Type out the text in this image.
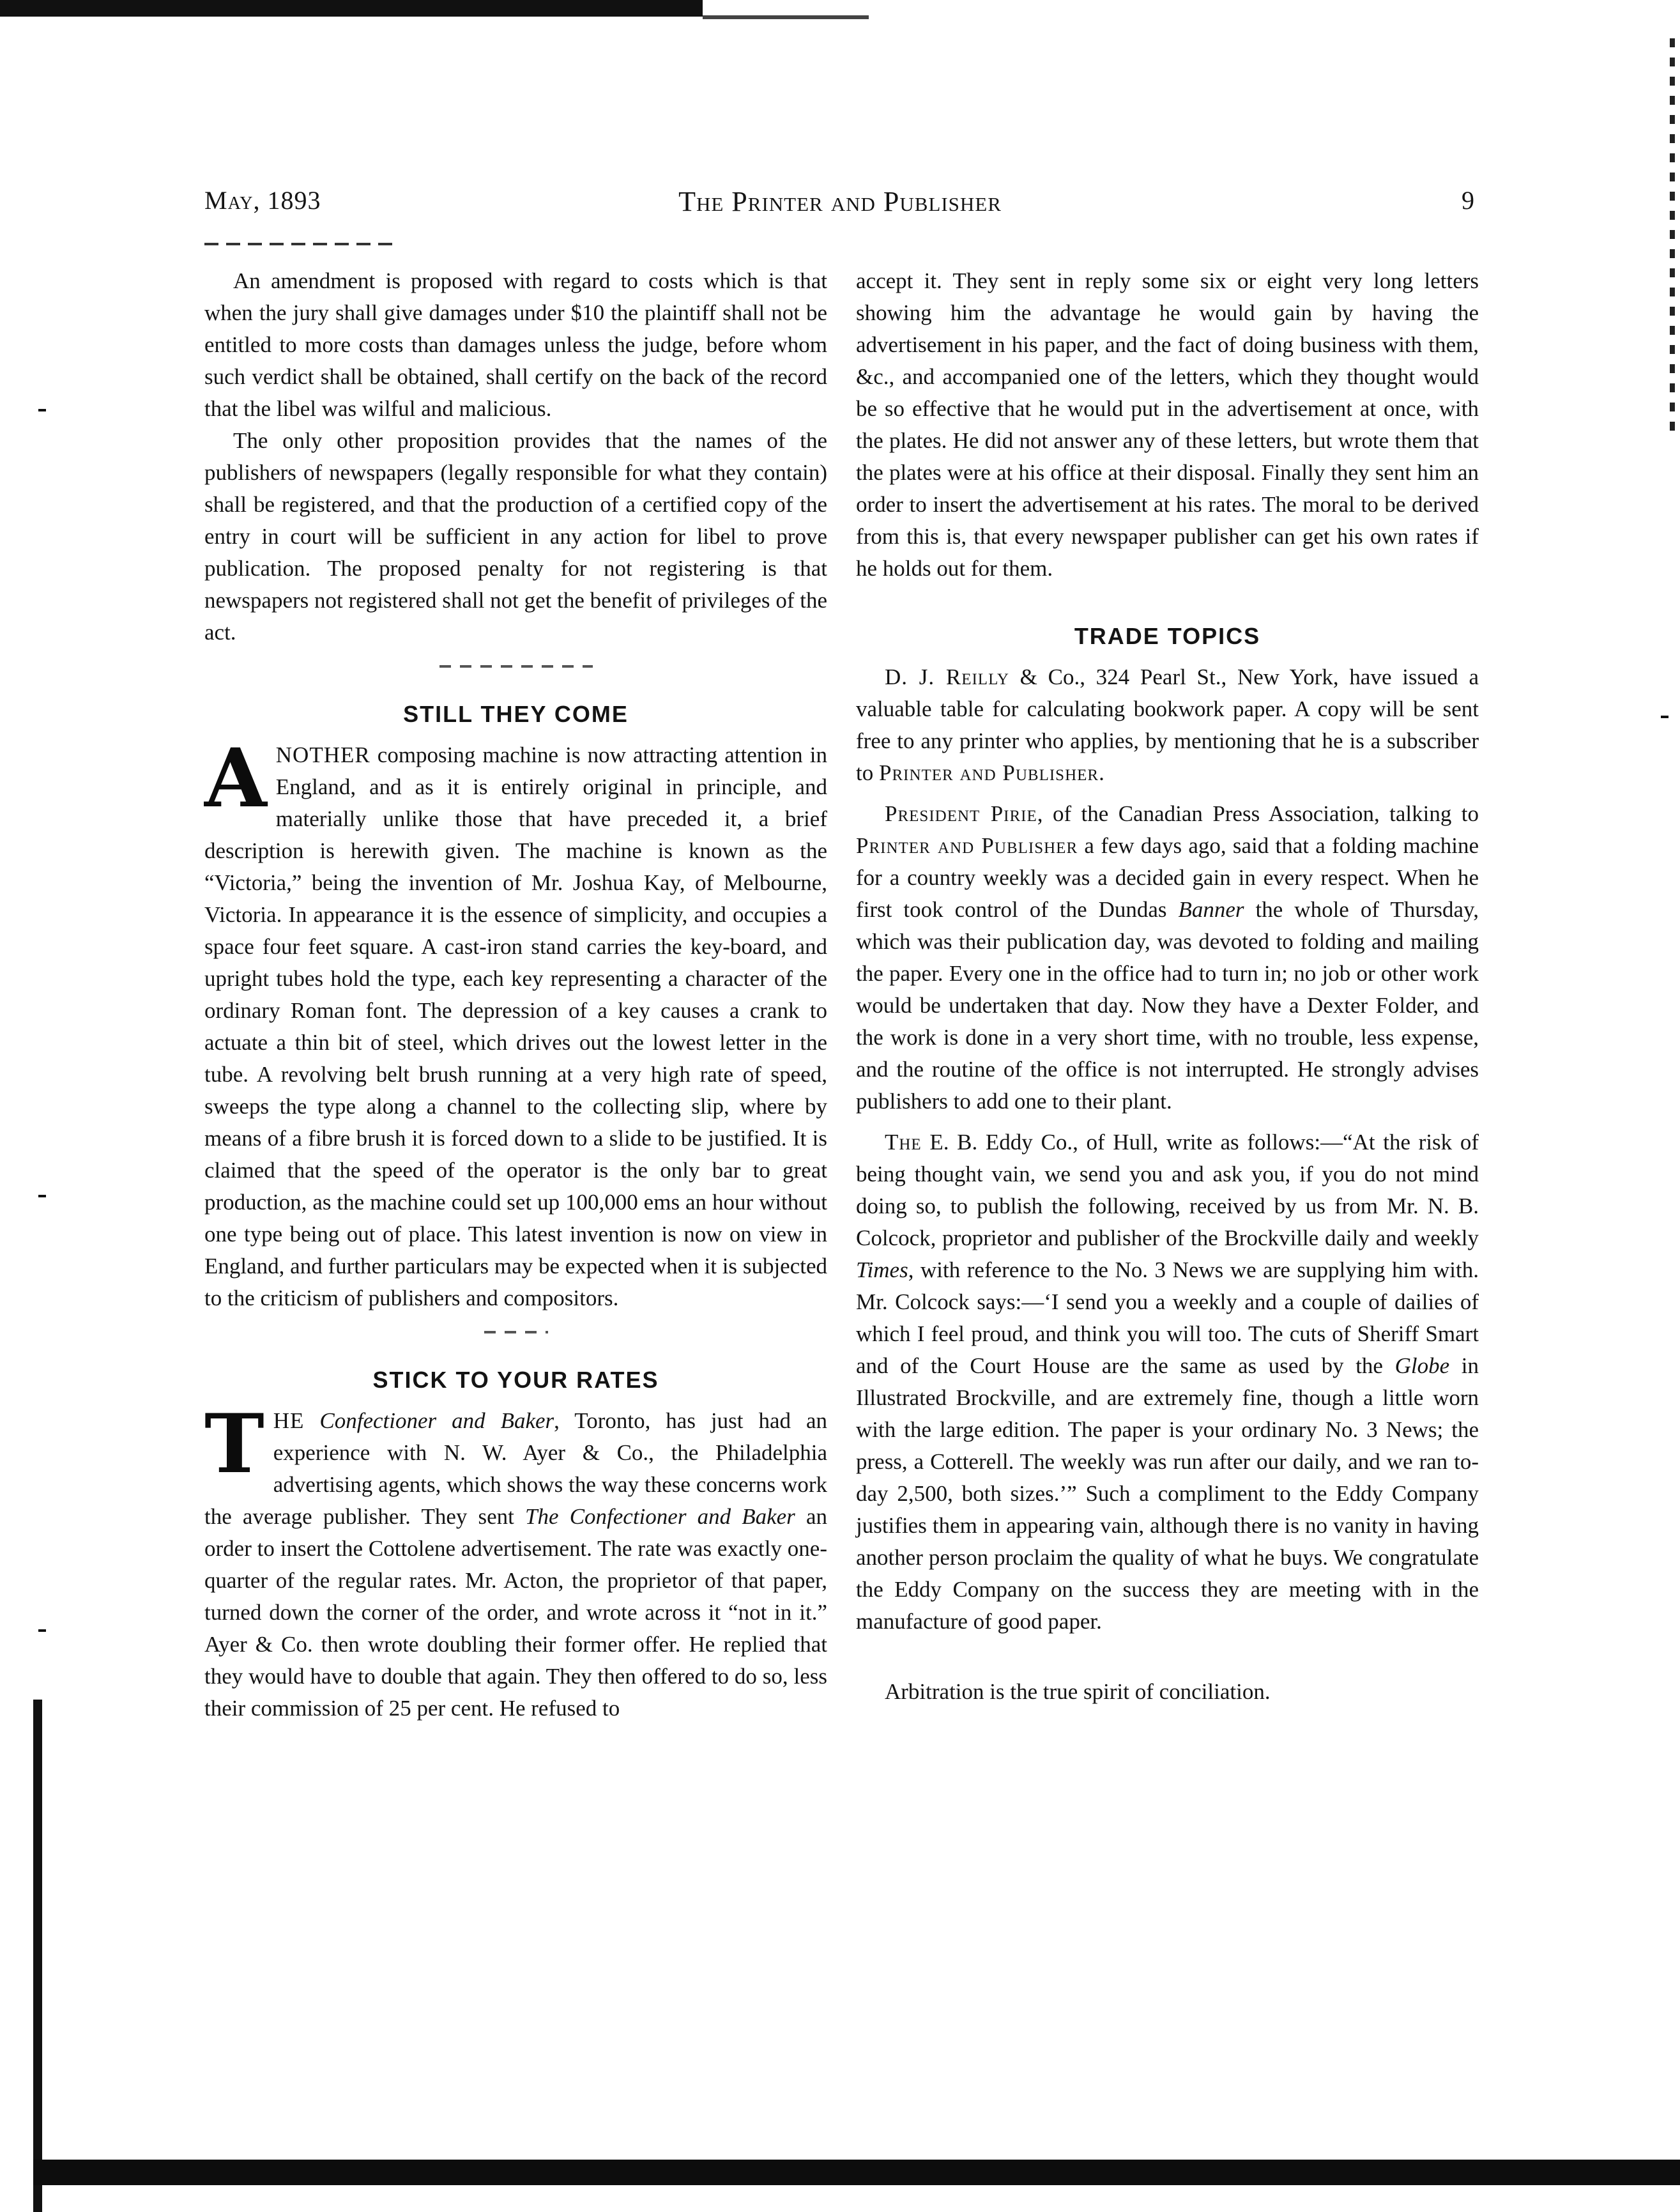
May, 1893	The Printer and Publisher	9

An amendment is proposed with regard to costs which is that when the jury shall give damages under $10 the plaintiff shall not be entitled to more costs than damages unless the judge, before whom such verdict shall be obtained, shall certify on the back of the record that the libel was wilful and malicious.

The only other proposition provides that the names of the publishers of newspapers (legally responsible for what they contain) shall be registered, and that the production of a certified copy of the entry in court will be sufficient in any action for libel to prove publication. The proposed penalty for not registering is that newspapers not registered shall not get the benefit of privileges of the act.

STILL THEY COME

ANOTHER composing machine is now attracting attention in England, and as it is entirely original in principle, and materially unlike those that have preceded it, a brief description is herewith given. The machine is known as the “Victoria,” being the invention of Mr. Joshua Kay, of Melbourne, Victoria. In appearance it is the essence of simplicity, and occupies a space four feet square. A cast-iron stand carries the key-board, and upright tubes hold the type, each key representing a character of the ordinary Roman font. The depression of a key causes a crank to actuate a thin bit of steel, which drives out the lowest letter in the tube. A revolving belt brush running at a very high rate of speed, sweeps the type along a channel to the collecting slip, where by means of a fibre brush it is forced down to a slide to be justified. It is claimed that the speed of the operator is the only bar to great production, as the machine could set up 100,000 ems an hour without one type being out of place. This latest invention is now on view in England, and further particulars may be expected when it is subjected to the criticism of publishers and compositors.

STICK TO YOUR RATES

THE Confectioner and Baker, Toronto, has just had an experience with N. W. Ayer & Co., the Philadelphia advertising agents, which shows the way these concerns work the average publisher. They sent The Confectioner and Baker an order to insert the Cottolene advertisement. The rate was exactly one-quarter of the regular rates. Mr. Acton, the proprietor of that paper, turned down the corner of the order, and wrote across it “not in it.” Ayer & Co. then wrote doubling their former offer. He replied that they would have to double that again. They then offered to do so, less their commission of 25 per cent. He refused to

accept it. They sent in reply some six or eight very long letters showing him the advantage he would gain by having the advertisement in his paper, and the fact of doing business with them, &c., and accompanied one of the letters, which they thought would be so effective that he would put in the advertisement at once, with the plates. He did not answer any of these letters, but wrote them that the plates were at his office at their disposal. Finally they sent him an order to insert the advertisement at his rates. The moral to be derived from this is, that every newspaper publisher can get his own rates if he holds out for them.

TRADE TOPICS

D. J. Reilly & Co., 324 Pearl St., New York, have issued a valuable table for calculating bookwork paper. A copy will be sent free to any printer who applies, by mentioning that he is a subscriber to Printer and Publisher.

President Pirie, of the Canadian Press Association, talking to Printer and Publisher a few days ago, said that a folding machine for a country weekly was a decided gain in every respect. When he first took control of the Dundas Banner the whole of Thursday, which was their publication day, was devoted to folding and mailing the paper. Every one in the office had to turn in; no job or other work would be undertaken that day. Now they have a Dexter Folder, and the work is done in a very short time, with no trouble, less expense, and the routine of the office is not interrupted. He strongly advises publishers to add one to their plant.

The E. B. Eddy Co., of Hull, write as follows:—“At the risk of being thought vain, we send you and ask you, if you do not mind doing so, to publish the following, received by us from Mr. N. B. Colcock, proprietor and publisher of the Brockville daily and weekly Times, with reference to the No. 3 News we are supplying him with. Mr. Colcock says:—‘I send you a weekly and a couple of dailies of which I feel proud, and think you will too. The cuts of Sheriff Smart and of the Court House are the same as used by the Globe in Illustrated Brockville, and are extremely fine, though a little worn with the large edition. The paper is your ordinary No. 3 News; the press, a Cotterell. The weekly was run after our daily, and we ran to-day 2,500, both sizes.’” Such a compliment to the Eddy Company justifies them in appearing vain, although there is no vanity in having another person proclaim the quality of what he buys. We congratulate the Eddy Company on the success they are meeting with in the manufacture of good paper.

Arbitration is the true spirit of conciliation.
